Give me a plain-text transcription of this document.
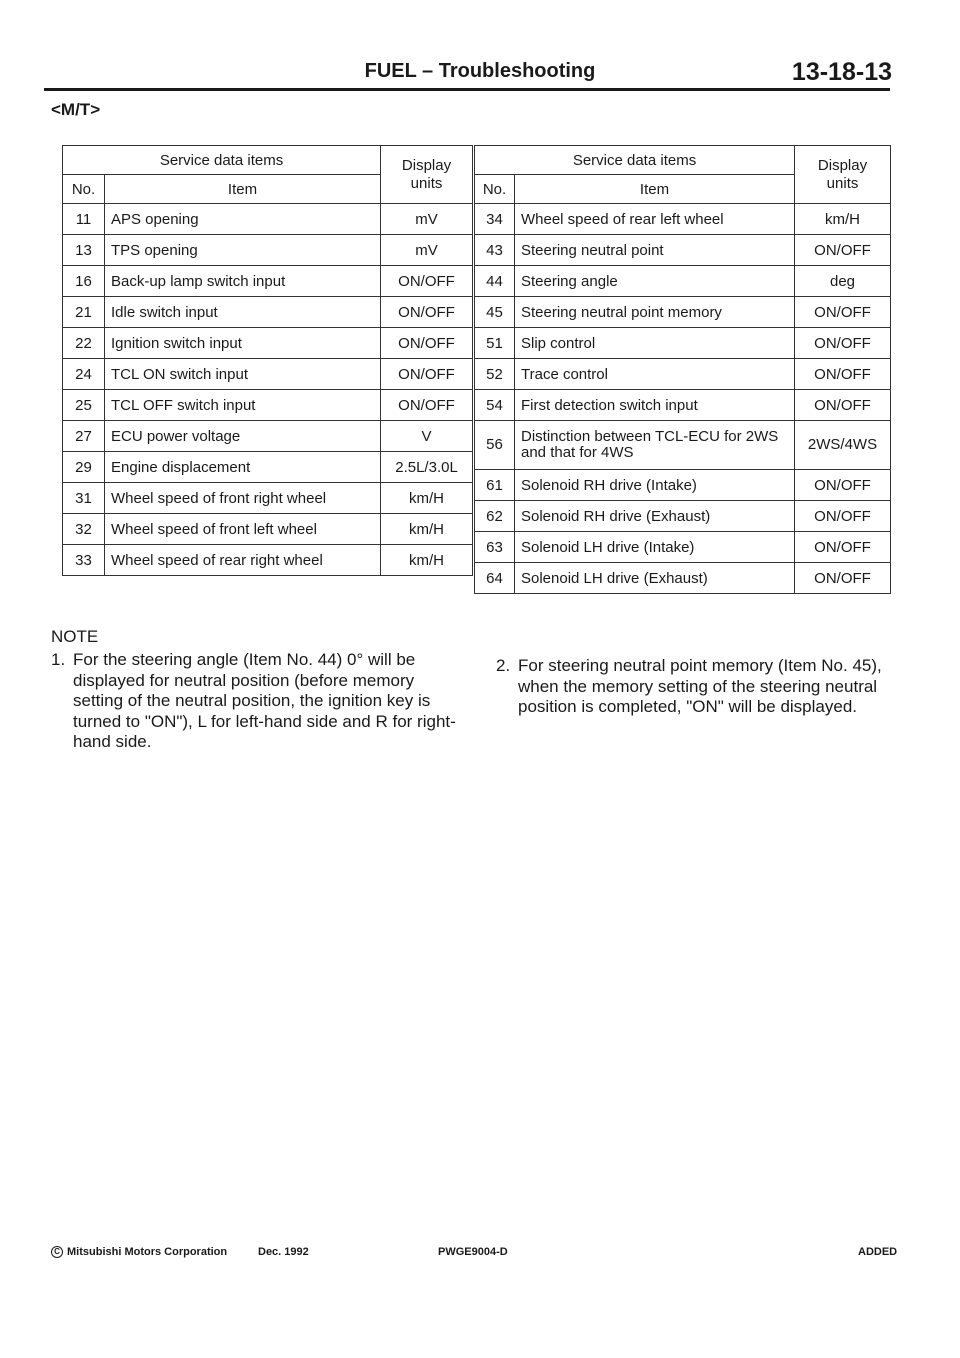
FUEL – Troubleshooting	13-18-13
<M/T>
Service data items		Display units
No.	Item	
11	APS opening	mV
13	TPS opening	mV
16	Back-up lamp switch input	ON/OFF
21	Idle switch input	ON/OFF
22	Ignition switch input	ON/OFF
24	TCL ON switch input	ON/OFF
25	TCL OFF switch input	ON/OFF
27	ECU power voltage	V
29	Engine displacement	2.5L/3.0L
31	Wheel speed of front right wheel	km/H
32	Wheel speed of front left wheel	km/H
33	Wheel speed of rear right wheel	km/H
Service data items		Display units
No.	Item	
34	Wheel speed of rear left wheel	km/H
43	Steering neutral point	ON/OFF
44	Steering angle	deg
45	Steering neutral point memory	ON/OFF
51	Slip control	ON/OFF
52	Trace control	ON/OFF
54	First detection switch input	ON/OFF
56	Distinction between TCL-ECU for 2WS and that for 4WS	2WS/4WS
61	Solenoid RH drive (Intake)	ON/OFF
62	Solenoid RH drive (Exhaust)	ON/OFF
63	Solenoid LH drive (Intake)	ON/OFF
64	Solenoid LH drive (Exhaust)	ON/OFF
NOTE
1. For the steering angle (Item No. 44) 0° will be displayed for neutral position (before memory setting of the neutral position, the ignition key is turned to "ON"), L for left-hand side and R for right-hand side.
2. For steering neutral point memory (Item No. 45), when the memory setting of the steering neutral position is completed, "ON" will be displayed.
C Mitsubishi Motors Corporation	Dec. 1992	PWGE9004-D	ADDED
